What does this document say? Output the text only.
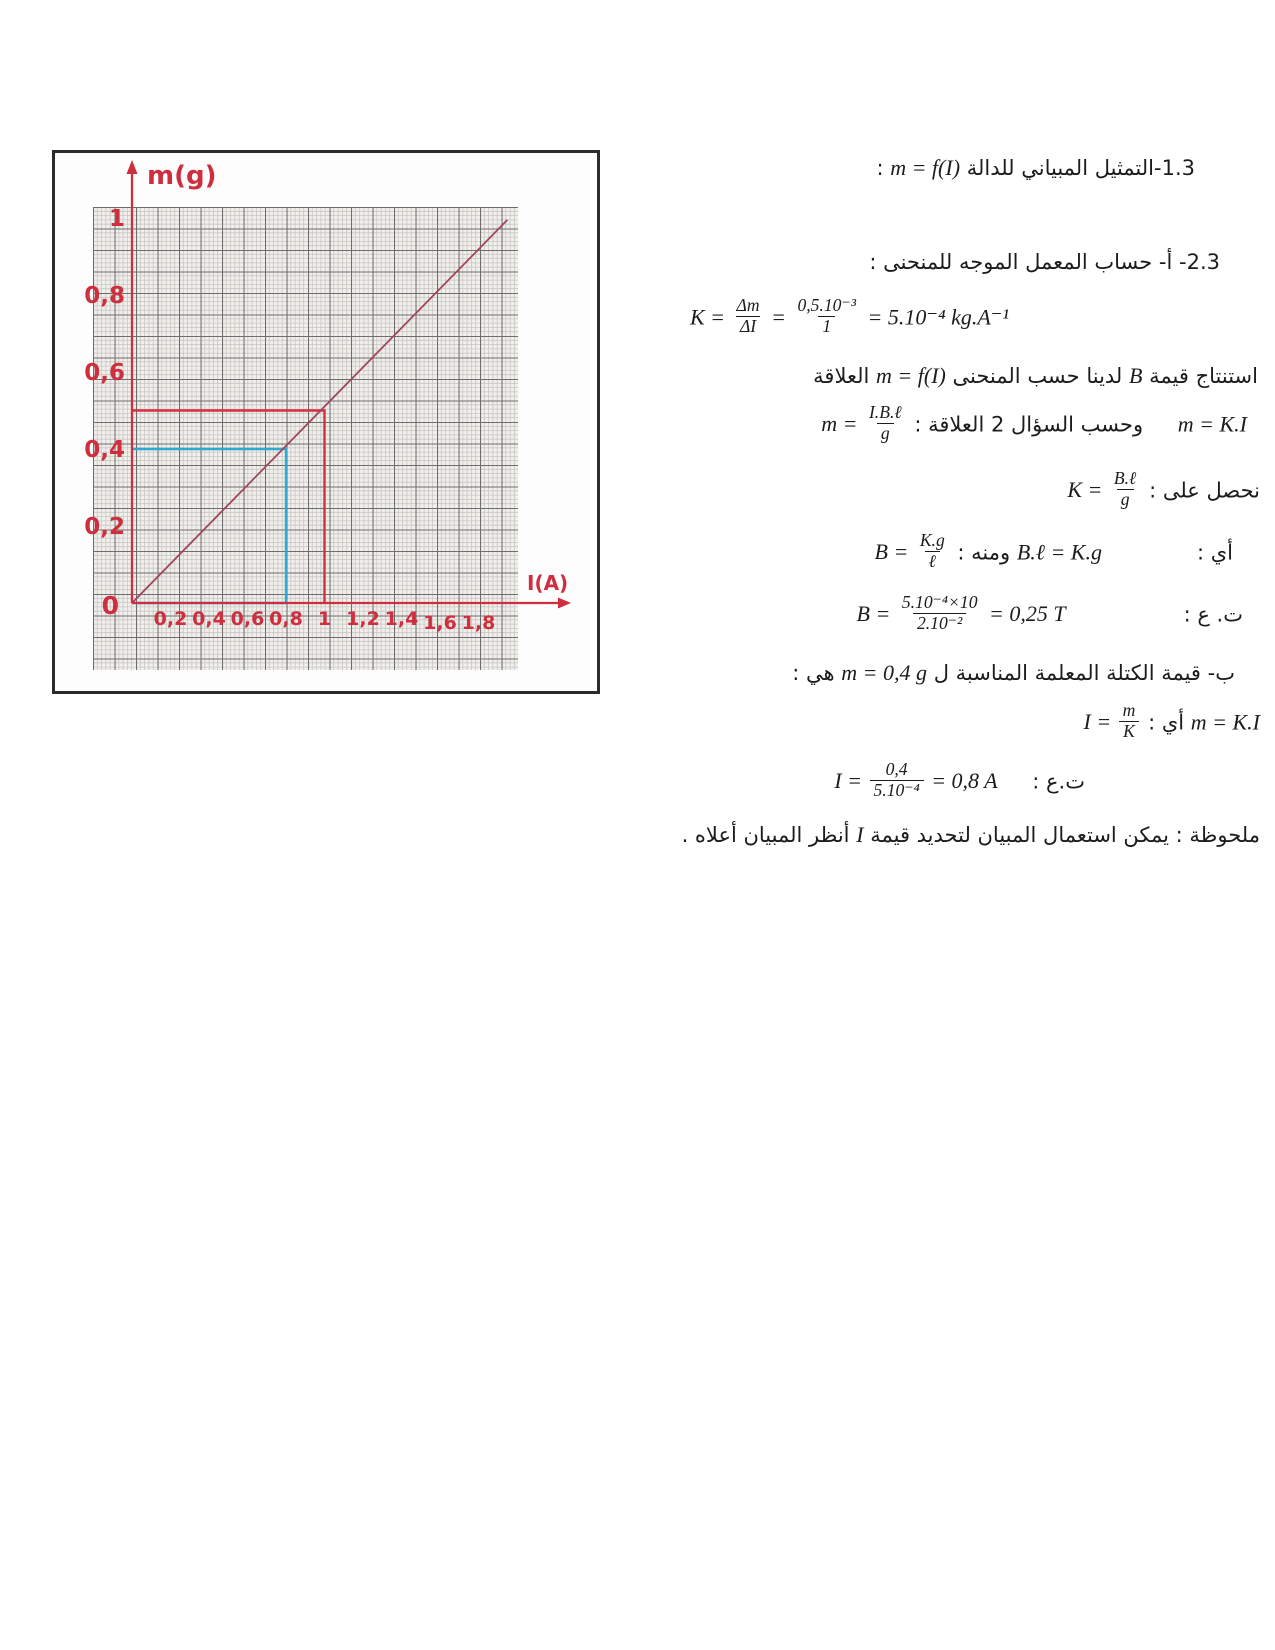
0,2 0,4 0,6 0,8 1 1,2 1,4 1,6 1,8
1
0,8
0,6
0,4
0,2
0
m(g)
I(A)
1.3-التمثيل المبياني للدالة m = f(I) :
2.3- أ- حساب المعمل الموجه للمنحنى :
$K = \frac{\Delta m}{\Delta I} = \frac{\text{0,5.10⁻³}}{1} = 5.10^{-4}$ kg.A⁻¹
استنتاج قيمة B لدينا حسب المنحنى m = f(I) العلاقة
m = K.I وحسب السؤال 2 العلاقة : $m = \frac{\text{I.B.ℓ}}{g}$
نحصل على : $K = \frac{\text{B.ℓ}}{g}$
أي :B.ℓ = K.g ومنه : $B = \frac{K.g}{\text{ℓ}}$
ت. ع :B = $\frac{\text{5.10⁻⁴×10}}{\text{2.10⁻²}} = 0,25$ T
ب- قيمة الكتلة المعلمة المناسبة ل m = 0,4 g هي :
m = K.I أي : $I = \frac{m}{K}$
ت.ع : $I = \frac{0,4}{\text{5.10⁻⁴}} = 0,8$ A
ملحوظة : يمكن استعمال المبيان لتحديد قيمة I أنظر المبيان أعلاه .
